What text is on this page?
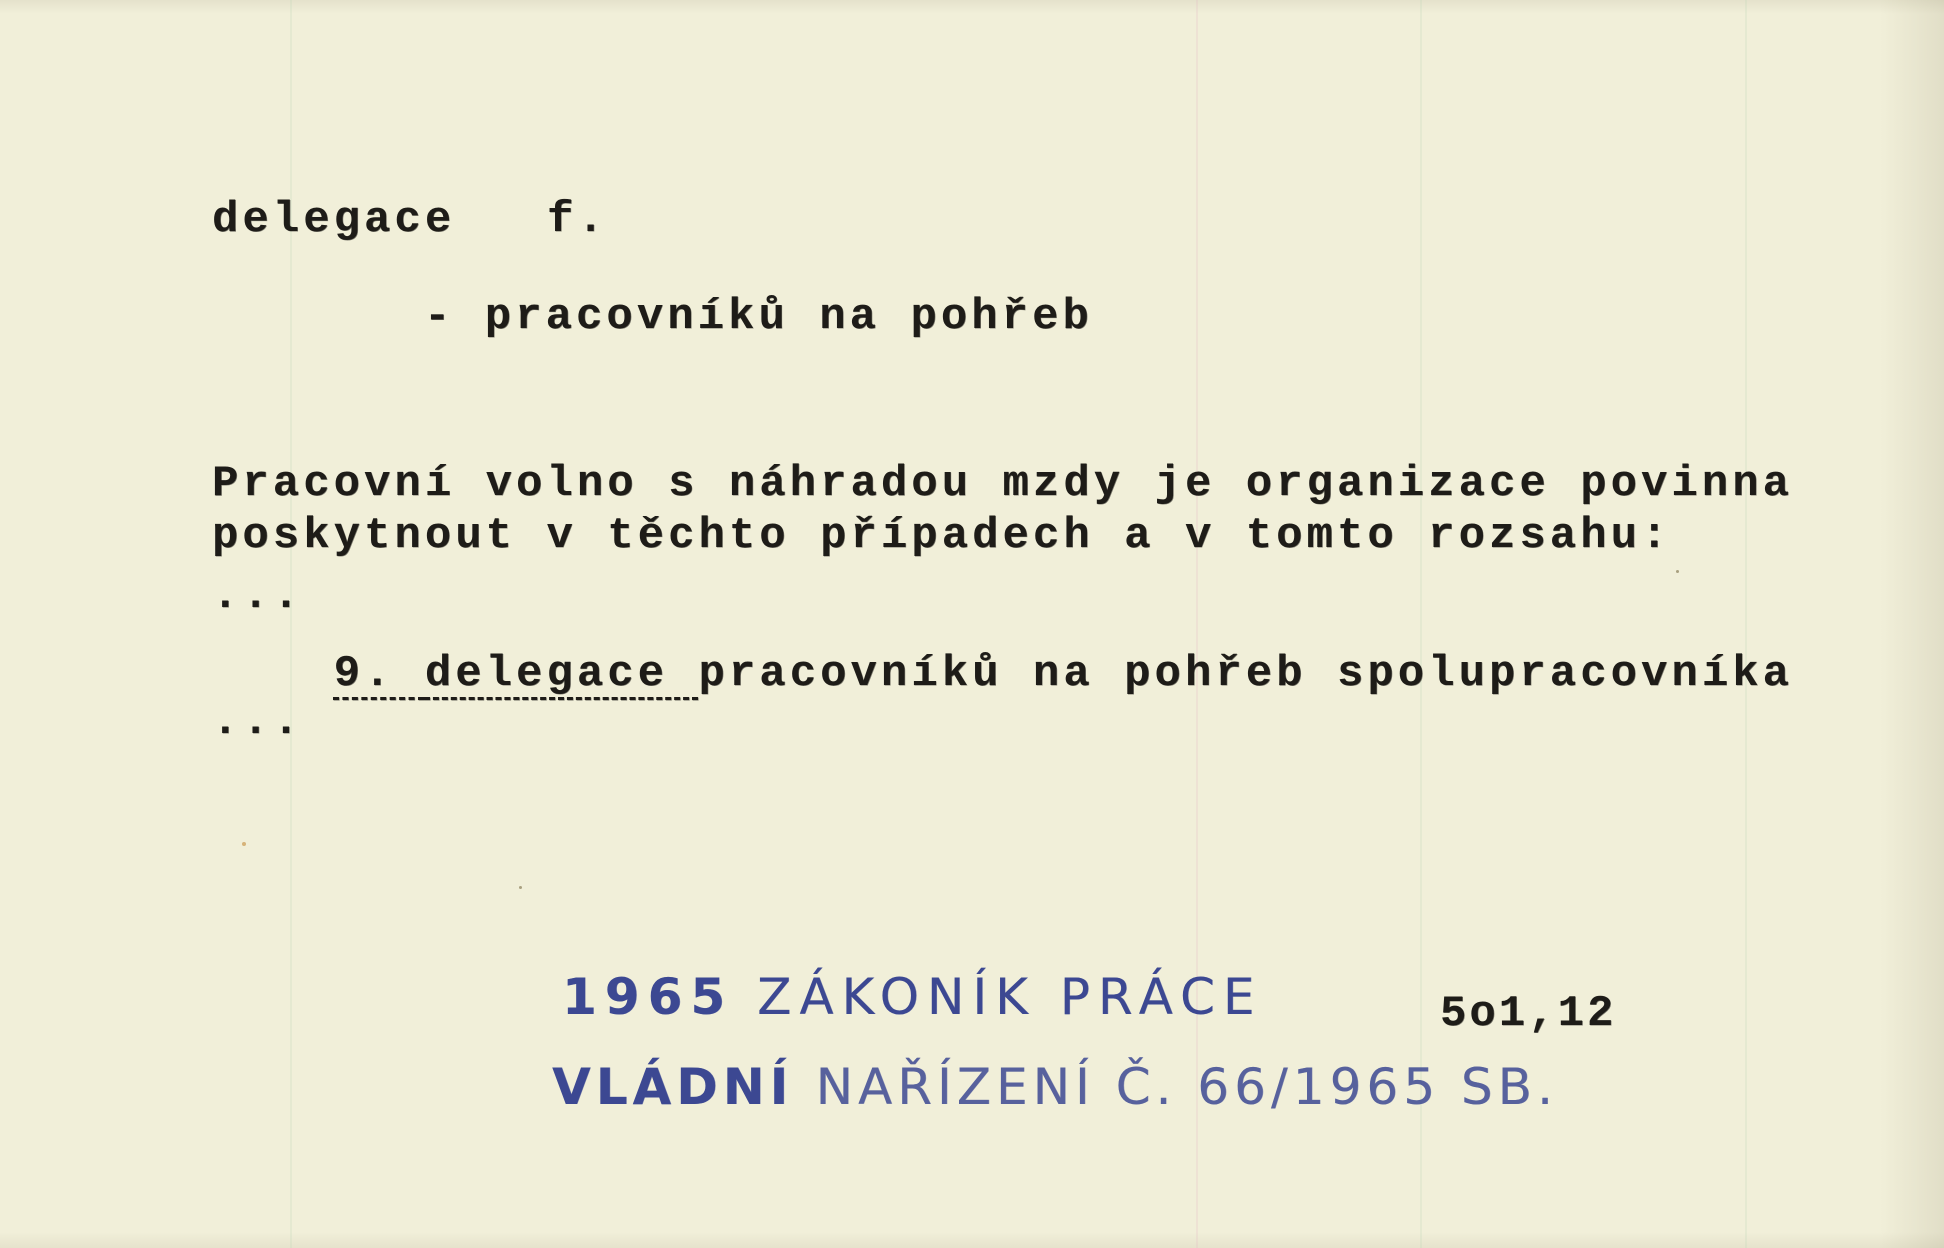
delegace f.
- pracovníků na pohřeb
Pracovní volno s náhradou mzdy je organizace povinna
poskytnout v těchto případech a v tomto rozsahu:
...

9. delegace pracovníků na pohřeb spolupracovníka

...
1965 ZÁKONÍK PRÁCE	5o1,12
VLÁDNÍ NAŘÍZENÍ Č. 66/1965 SB.
